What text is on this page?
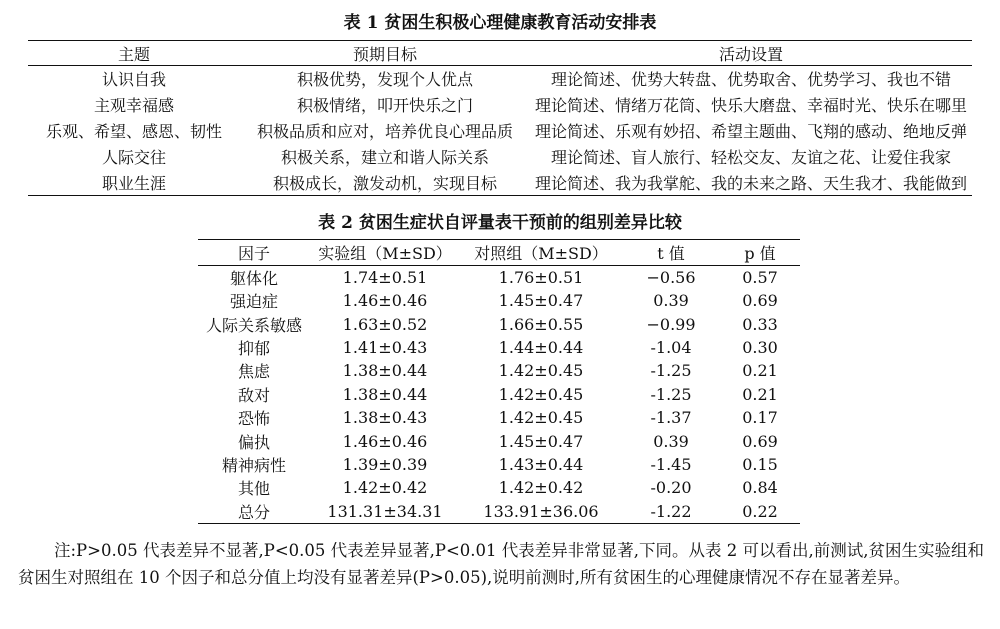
表 1 贫困生积极心理健康教育活动安排表
主题	预期目标	活动设置
认识自我	积极优势，发现个人优点	理论简述、优势大转盘、优势取舍、优势学习、我也不错
主观幸福感	积极情绪，叩开快乐之门	理论简述、情绪万花筒、快乐大磨盘、幸福时光、快乐在哪里
乐观、希望、感恩、韧性	积极品质和应对，培养优良心理品质	理论简述、乐观有妙招、希望主题曲、飞翔的感动、绝地反弹
人际交往	积极关系，建立和谐人际关系	理论简述、盲人旅行、轻松交友、友谊之花、让爱住我家
职业生涯	积极成长，激发动机，实现目标	理论简述、我为我掌舵、我的未来之路、天生我才、我能做到
表 2 贫困生症状自评量表干预前的组别差异比较
因子	实验组（M±SD）	对照组（M±SD）	t 值	p 值
躯体化	1.74±0.51	1.76±0.51	−0.56	0.57
强迫症	1.46±0.46	1.45±0.47	0.39	0.69
人际关系敏感	1.63±0.52	1.66±0.55	−0.99	0.33
抑郁	1.41±0.43	1.44±0.44	-1.04	0.30
焦虑	1.38±0.44	1.42±0.45	-1.25	0.21
敌对	1.38±0.44	1.42±0.45	-1.25	0.21
恐怖	1.38±0.43	1.42±0.45	-1.37	0.17
偏执	1.46±0.46	1.45±0.47	0.39	0.69
精神病性	1.39±0.39	1.43±0.44	-1.45	0.15
其他	1.42±0.42	1.42±0.42	-0.20	0.84
总分	131.31±34.31	133.91±36.06	-1.22	0.22
注:P>0.05 代表差异不显著,P<0.05 代表差异显著,P<0.01 代表差异非常显著,下同。从表 2 可以看出,前测试,贫困生实验组和贫困生对照组在 10 个因子和总分值上均没有显著差异(P>0.05),说明前测时,所有贫困生的心理健康情况不存在显著差异。
